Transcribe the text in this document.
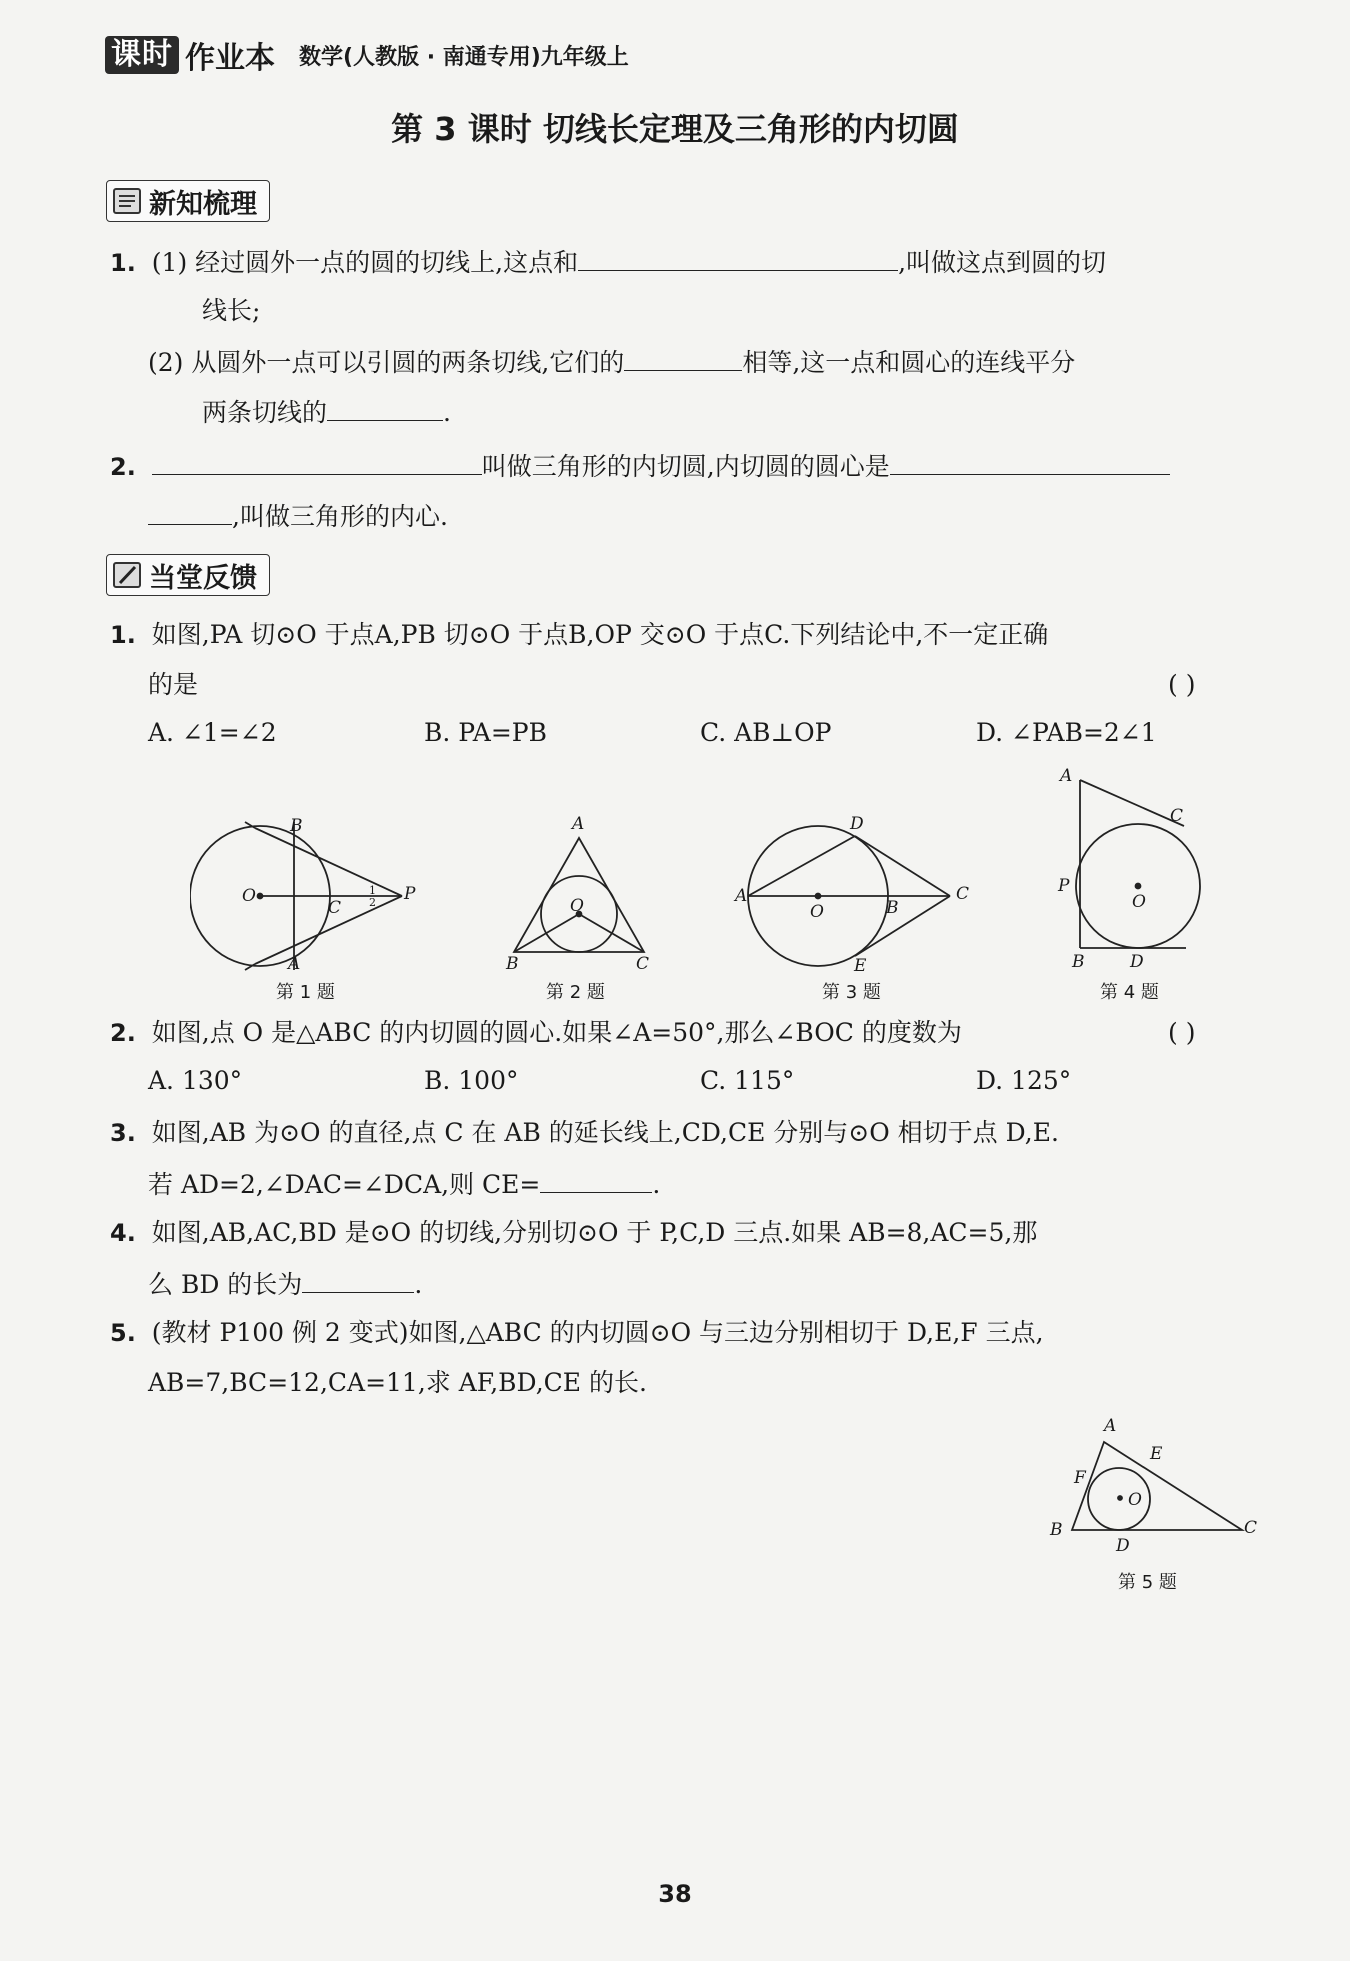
课时 作业本 数学(人教版 · 南通专用)九年级上
第 3 课时 切线长定理及三角形的内切圆
新知梳理
1. (1) 经过圆外一点的圆的切线上,这点和	,叫做这点到圆的切
线长;
(2) 从圆外一点可以引圆的两条切线,它们的	相等,这一点和圆心的连线平分
两条切线的	.
2.	叫做三角形的内切圆,内切圆的圆心是
,叫做三角形的内心.
当堂反馈
1. 如图,PA 切⊙O 于点A,PB 切⊙O 于点B,OP 交⊙O 于点C.下列结论中,不一定正确
的是	( )
A. ∠1=∠2	B. PA=PB	C. AB⊥OP	D. ∠PAB=2∠1
B
O
C
P
A
1
2
第 1 题
A
O
B	C
第 2 题
D
A
O	B
C
E
第 3 题
A
C
P
O
B	D
第 4 题
2. 如图,点 O 是△ABC 的内切圆的圆心.如果∠A=50°,那么∠BOC 的度数为	( )
A. 130°	B. 100°	C. 115°	D. 125°
3. 如图,AB 为⊙O 的直径,点 C 在 AB 的延长线上,CD,CE 分别与⊙O 相切于点 D,E.
若 AD=2,∠DAC=∠DCA,则 CE=	.
4. 如图,AB,AC,BD 是⊙O 的切线,分别切⊙O 于 P,C,D 三点.如果 AB=8,AC=5,那
么 BD 的长为	.
5. (教材 P100 例 2 变式)如图,△ABC 的内切圆⊙O 与三边分别相切于 D,E,F 三点,
AB=7,BC=12,CA=11,求 AF,BD,CE 的长.
A
E
F
O
B
D
C
第 5 题
38
